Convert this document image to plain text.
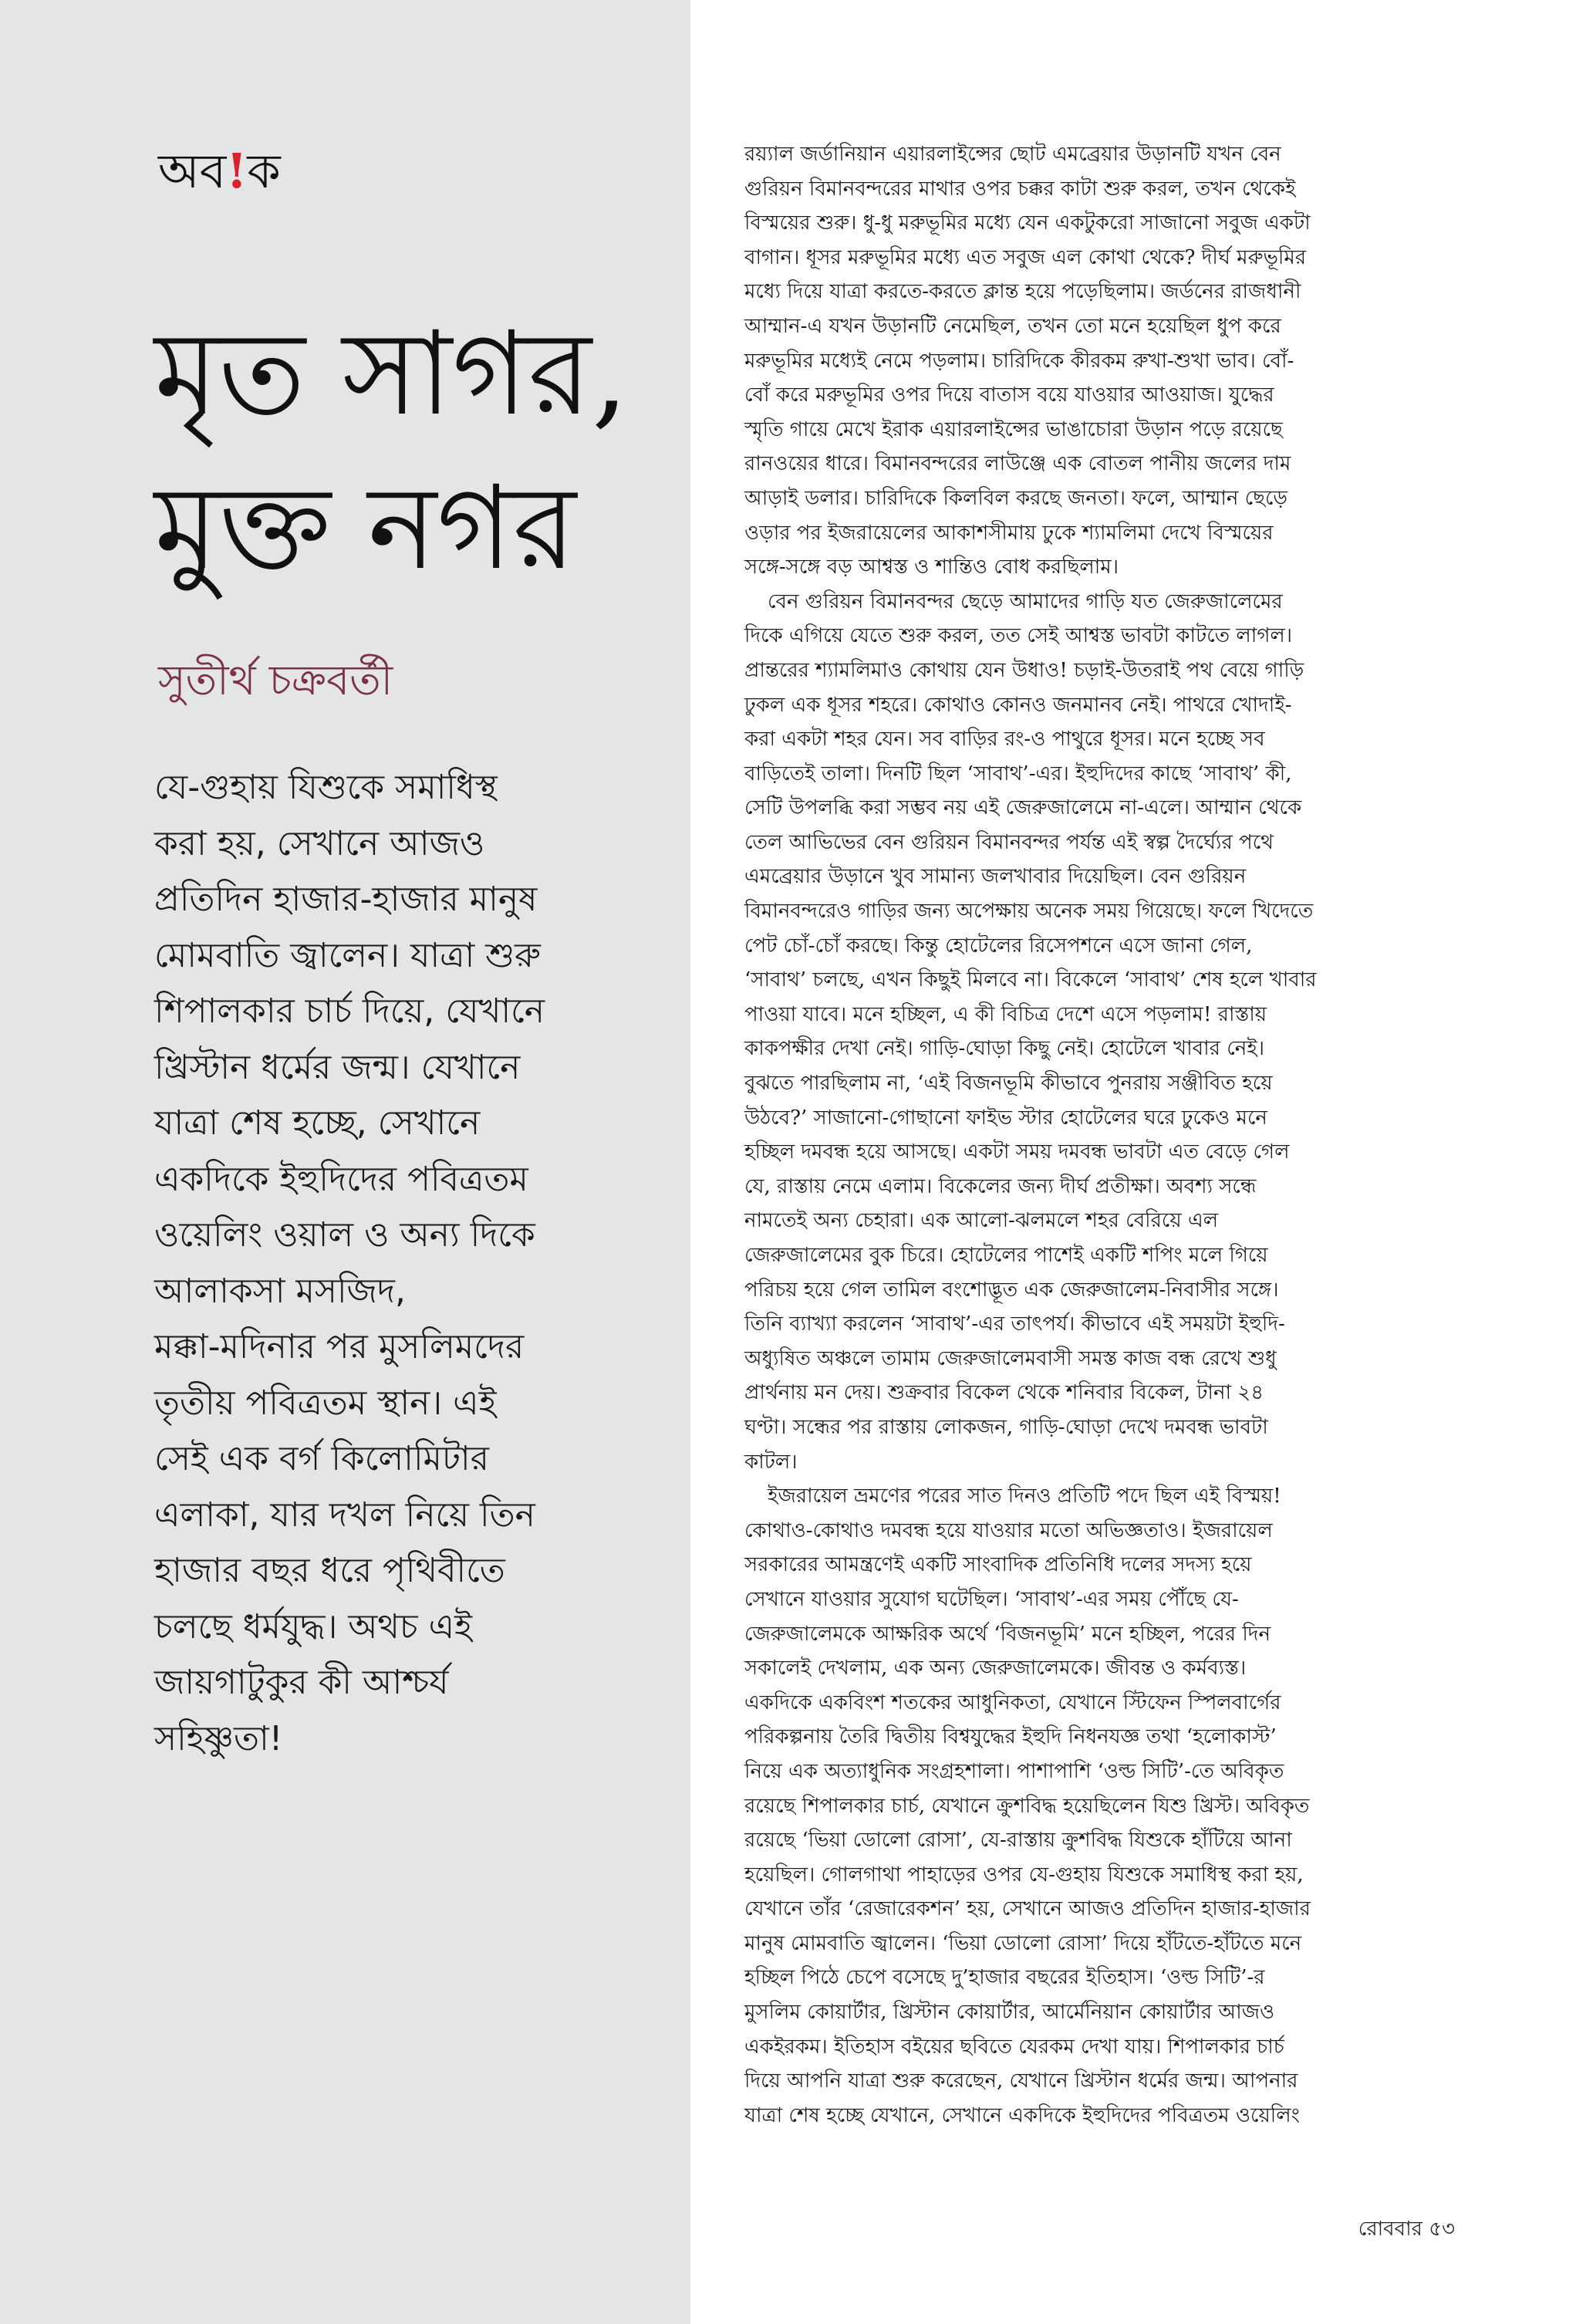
অব!ক
মৃত সাগর,
মুক্ত নগর
সুতীর্থ চক্রবর্তী
যে-গুহায় যিশুকে সমাধিস্থ
করা হয়, সেখানে আজও
প্রতিদিন হাজার-হাজার মানুষ
মোমবাতি জ্বালেন। যাত্রা শুরু
শিপালকার চার্চ দিয়ে, যেখানে
খ্রিস্টান ধর্মের জন্ম। যেখানে
যাত্রা শেষ হচ্ছে, সেখানে
একদিকে ইহুদিদের পবিত্রতম
ওয়েলিং ওয়াল ও অন্য দিকে
আলাকসা মসজিদ,
মক্কা-মদিনার পর মুসলিমদের
তৃতীয় পবিত্রতম স্থান। এই
সেই এক বর্গ কিলোমিটার
এলাকা, যার দখল নিয়ে তিন
হাজার বছর ধরে পৃথিবীতে
চলছে ধর্মযুদ্ধ। অথচ এই
জায়গাটুকুর কী আশ্চর্য
সহিষ্ণুতা!
রয়্যাল জর্ডানিয়ান এয়ারলাইন্সের ছোট এমব্রেয়ার উড়ানটি যখন বেন
গুরিয়ন বিমানবন্দরের মাথার ওপর চক্কর কাটা শুরু করল, তখন থেকেই
বিস্ময়ের শুরু। ধু-ধু মরুভূমির মধ্যে যেন একটুকরো সাজানো সবুজ একটা
বাগান। ধূসর মরুভূমির মধ্যে এত সবুজ এল কোথা থেকে? দীর্ঘ মরুভূমির
মধ্যে দিয়ে যাত্রা করতে-করতে ক্লান্ত হয়ে পড়েছিলাম। জর্ডনের রাজধানী
আম্মান-এ যখন উড়ানটি নেমেছিল, তখন তো মনে হয়েছিল ধুপ করে
মরুভূমির মধ্যেই নেমে পড়লাম। চারিদিকে কীরকম রুখা-শুখা ভাব। বোঁ-
বোঁ করে মরুভূমির ওপর দিয়ে বাতাস বয়ে যাওয়ার আওয়াজ। যুদ্ধের
স্মৃতি গায়ে মেখে ইরাক এয়ারলাইন্সের ভাঙাচোরা উড়ান পড়ে রয়েছে
রানওয়ের ধারে। বিমানবন্দরের লাউঞ্জে এক বোতল পানীয় জলের দাম
আড়াই ডলার। চারিদিকে কিলবিল করছে জনতা। ফলে, আম্মান ছেড়ে
ওড়ার পর ইজরায়েলের আকাশসীমায় ঢুকে শ্যামলিমা দেখে বিস্ময়ের
সঙ্গে-সঙ্গে বড় আশ্বস্ত ও শান্তিও বোধ করছিলাম।
বেন গুরিয়ন বিমানবন্দর ছেড়ে আমাদের গাড়ি যত জেরুজালেমের
দিকে এগিয়ে যেতে শুরু করল, তত সেই আশ্বস্ত ভাবটা কাটতে লাগল।
প্রান্তরের শ্যামলিমাও কোথায় যেন উধাও! চড়াই-উতরাই পথ বেয়ে গাড়ি
ঢুকল এক ধূসর শহরে। কোথাও কোনও জনমানব নেই। পাথরে খোদাই-
করা একটা শহর যেন। সব বাড়ির রং-ও পাথুরে ধূসর। মনে হচ্ছে সব
বাড়িতেই তালা। দিনটি ছিল ‘সাবাথ’-এর। ইহুদিদের কাছে ‘সাবাথ’ কী,
সেটি উপলব্ধি করা সম্ভব নয় এই জেরুজালেমে না-এলে। আম্মান থেকে
তেল আভিভের বেন গুরিয়ন বিমানবন্দর পর্যন্ত এই স্বল্প দৈর্ঘ্যের পথে
এমব্রেয়ার উড়ানে খুব সামান্য জলখাবার দিয়েছিল। বেন গুরিয়ন
বিমানবন্দরেও গাড়ির জন্য অপেক্ষায় অনেক সময় গিয়েছে। ফলে খিদেতে
পেট চোঁ-চোঁ করছে। কিন্তু হোটেলের রিসেপশনে এসে জানা গেল,
‘সাবাথ’ চলছে, এখন কিছুই মিলবে না। বিকেলে ‘সাবাথ’ শেষ হলে খাবার
পাওয়া যাবে। মনে হচ্ছিল, এ কী বিচিত্র দেশে এসে পড়লাম! রাস্তায়
কাকপক্ষীর দেখা নেই। গাড়ি-ঘোড়া কিছু নেই। হোটেলে খাবার নেই।
বুঝতে পারছিলাম না, ‘এই বিজনভূমি কীভাবে পুনরায় সঞ্জীবিত হয়ে
উঠবে?’ সাজানো-গোছানো ফাইভ স্টার হোটেলের ঘরে ঢুকেও মনে
হচ্ছিল দমবন্ধ হয়ে আসছে। একটা সময় দমবন্ধ ভাবটা এত বেড়ে গেল
যে, রাস্তায় নেমে এলাম। বিকেলের জন্য দীর্ঘ প্রতীক্ষা। অবশ্য সন্ধে
নামতেই অন্য চেহারা। এক আলো-ঝলমলে শহর বেরিয়ে এল
জেরুজালেমের বুক চিরে। হোটেলের পাশেই একটি শপিং মলে গিয়ে
পরিচয় হয়ে গেল তামিল বংশোদ্ভূত এক জেরুজালেম-নিবাসীর সঙ্গে।
তিনি ব্যাখ্যা করলেন ‘সাবাথ’-এর তাৎপর্য। কীভাবে এই সময়টা ইহুদি-
অধ্যুষিত অঞ্চলে তামাম জেরুজালেমবাসী সমস্ত কাজ বন্ধ রেখে শুধু
প্রার্থনায় মন দেয়। শুক্রবার বিকেল থেকে শনিবার বিকেল, টানা ২৪
ঘণ্টা। সন্ধের পর রাস্তায় লোকজন, গাড়ি-ঘোড়া দেখে দমবন্ধ ভাবটা
কাটল।
ইজরায়েল ভ্রমণের পরের সাত দিনও প্রতিটি পদে ছিল এই বিস্ময়!
কোথাও-কোথাও দমবন্ধ হয়ে যাওয়ার মতো অভিজ্ঞতাও। ইজরায়েল
সরকারের আমন্ত্রণেই একটি সাংবাদিক প্রতিনিধি দলের সদস্য হয়ে
সেখানে যাওয়ার সুযোগ ঘটেছিল। ‘সাবাথ’-এর সময় পৌঁছে যে-
জেরুজালেমকে আক্ষরিক অর্থে ‘বিজনভূমি’ মনে হচ্ছিল, পরের দিন
সকালেই দেখলাম, এক অন্য জেরুজালেমকে। জীবন্ত ও কর্মব্যস্ত।
একদিকে একবিংশ শতকের আধুনিকতা, যেখানে স্টিফেন স্পিলবার্গের
পরিকল্পনায় তৈরি দ্বিতীয় বিশ্বযুদ্ধের ইহুদি নিধনযজ্ঞ তথা ‘হলোকাস্ট’
নিয়ে এক অত্যাধুনিক সংগ্রহশালা। পাশাপাশি ‘ওল্ড সিটি’-তে অবিকৃত
রয়েছে শিপালকার চার্চ, যেখানে ক্রুশবিদ্ধ হয়েছিলেন যিশু খ্রিস্ট। অবিকৃত
রয়েছে ‘ভিয়া ডোলো রোসা’, যে-রাস্তায় ক্রুশবিদ্ধ যিশুকে হাঁটিয়ে আনা
হয়েছিল। গোলগাথা পাহাড়ের ওপর যে-গুহায় যিশুকে সমাধিস্থ করা হয়,
যেখানে তাঁর ‘রেজারেকশন’ হয়, সেখানে আজও প্রতিদিন হাজার-হাজার
মানুষ মোমবাতি জ্বালেন। ‘ভিয়া ডোলো রোসা’ দিয়ে হাঁটতে-হাঁটতে মনে
হচ্ছিল পিঠে চেপে বসেছে দু’হাজার বছরের ইতিহাস। ‘ওল্ড সিটি’-র
মুসলিম কোয়ার্টার, খ্রিস্টান কোয়ার্টার, আর্মেনিয়ান কোয়ার্টার আজও
একইরকম। ইতিহাস বইয়ের ছবিতে যেরকম দেখা যায়। শিপালকার চার্চ
দিয়ে আপনি যাত্রা শুরু করেছেন, যেখানে খ্রিস্টান ধর্মের জন্ম। আপনার
যাত্রা শেষ হচ্ছে যেখানে, সেখানে একদিকে ইহুদিদের পবিত্রতম ওয়েলিং
রোববার ৫৩
